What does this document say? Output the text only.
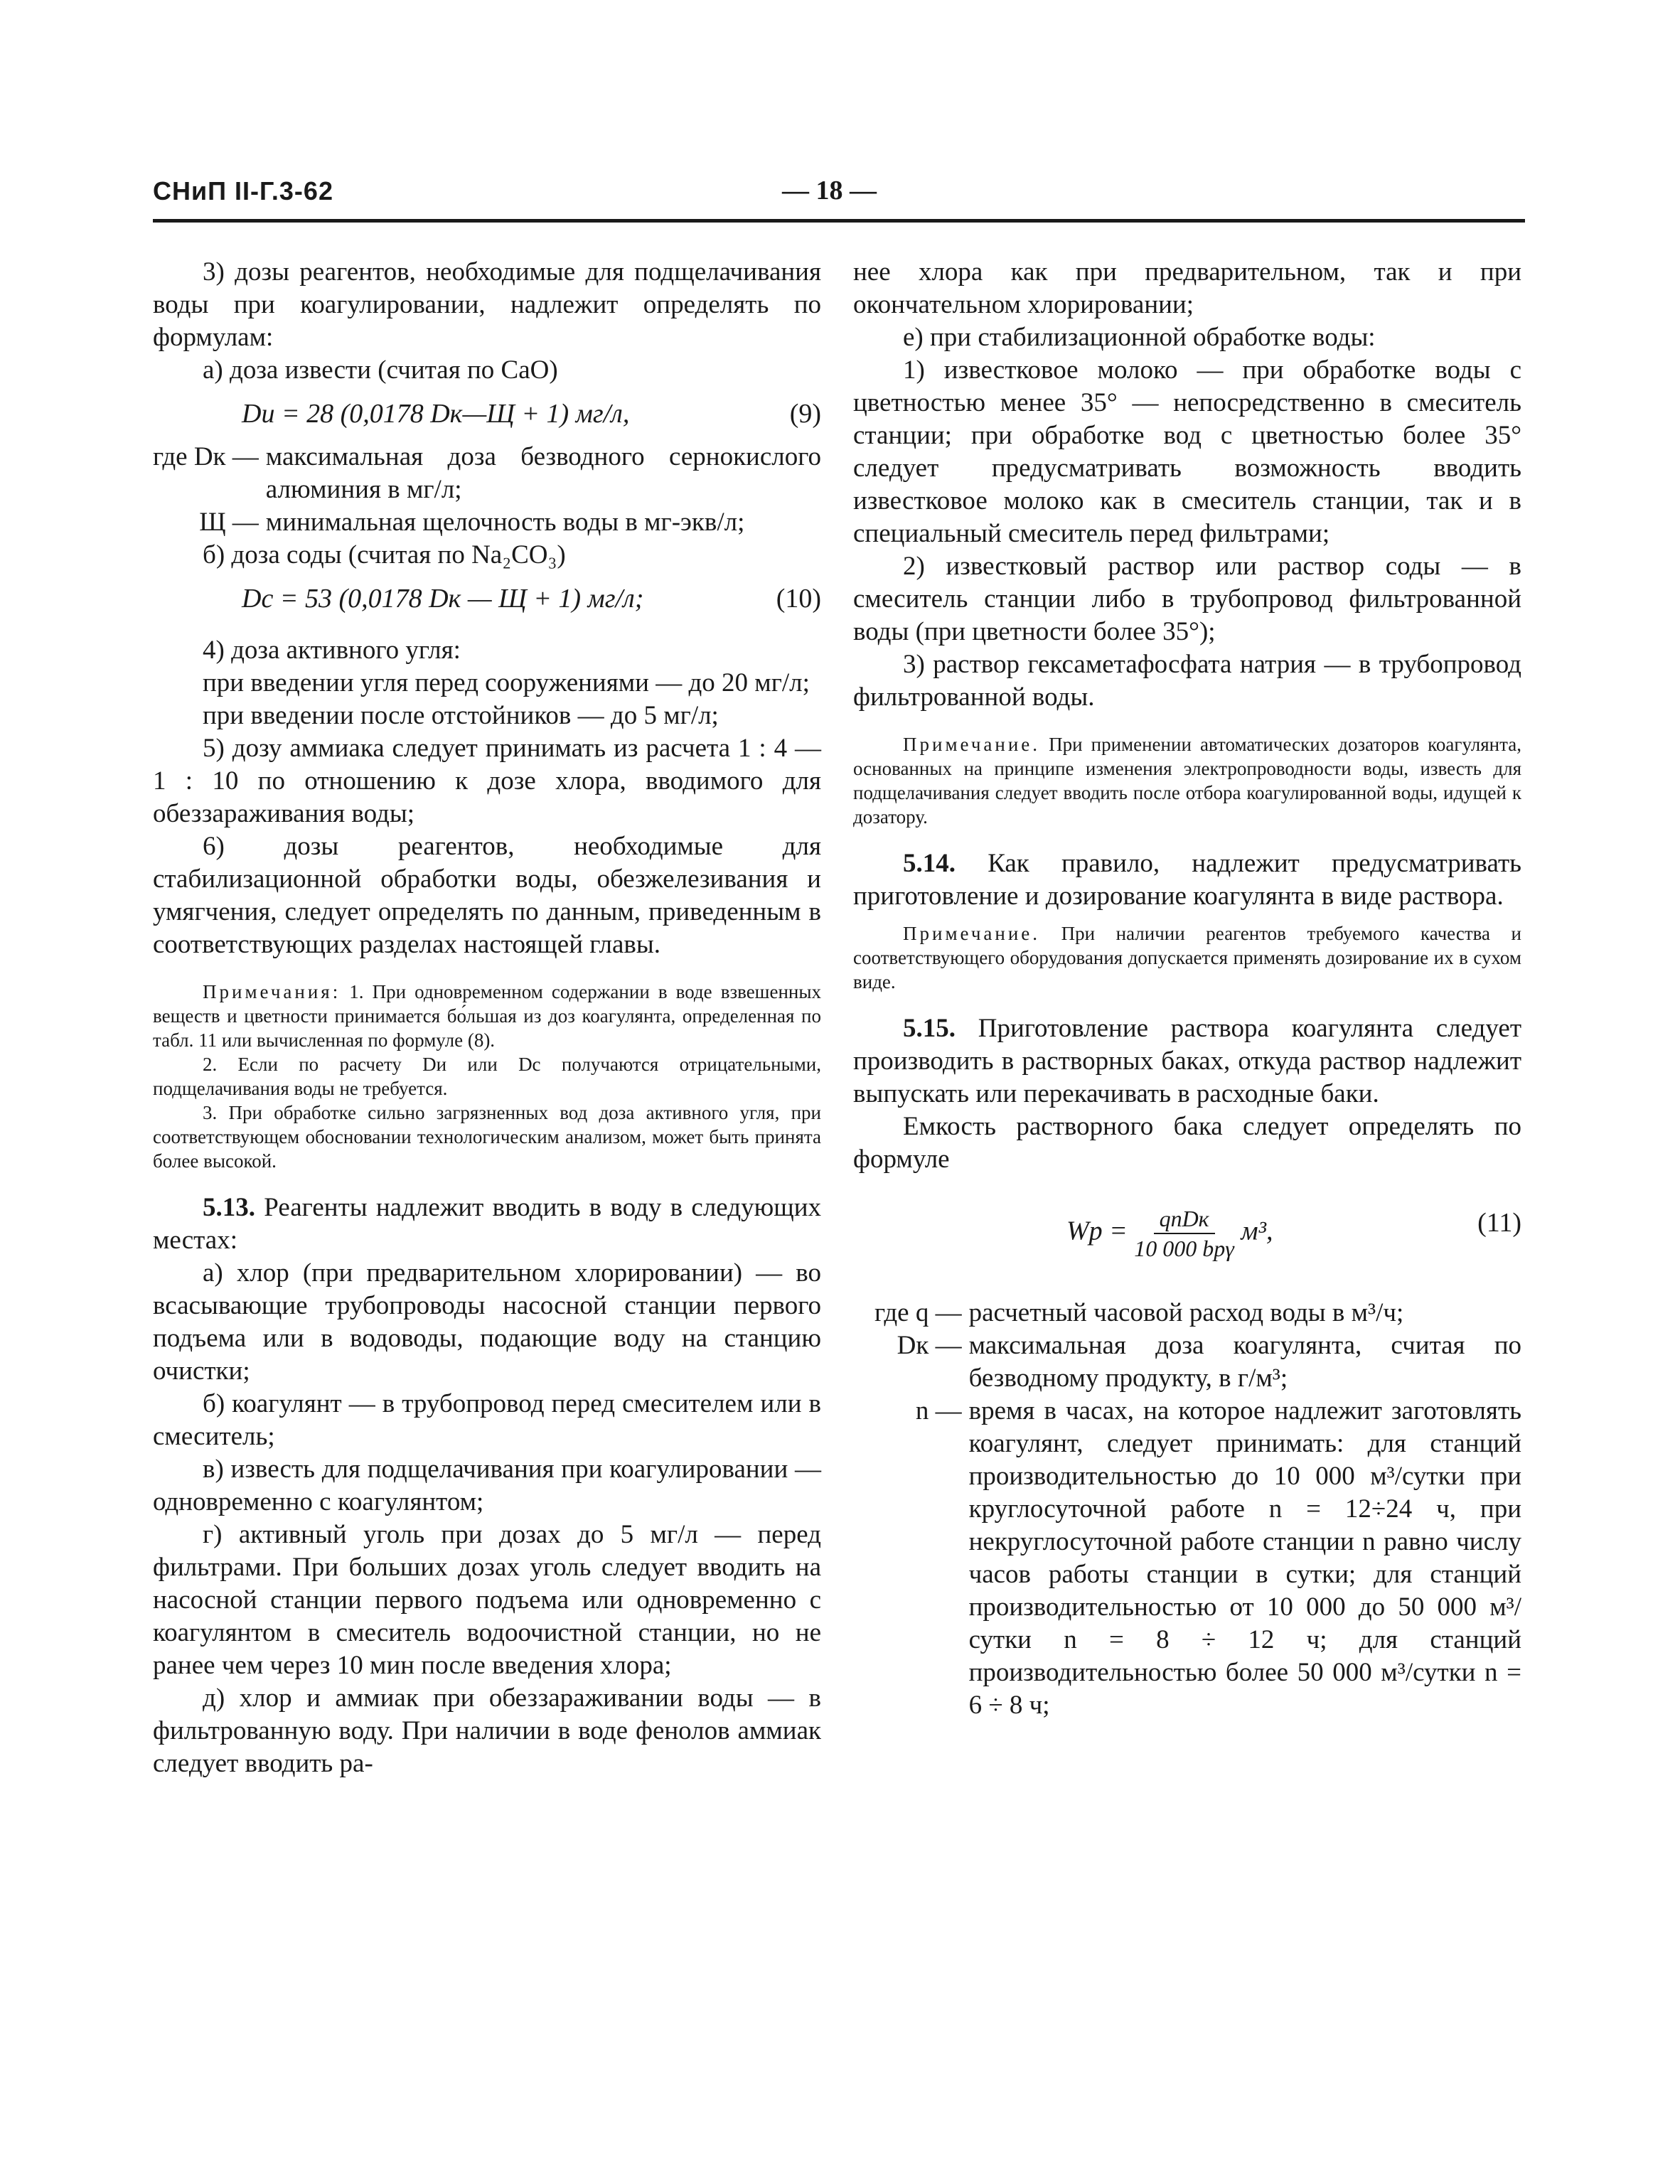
СНиП II-Г.3-62	— 18 —

3) дозы реагентов, необходимые для подщелачивания воды при коагулировании, надлежит определять по формулам:

а) доза извести (считая по СаО)

Dи = 28 (0,0178 Dк—Щ + 1) мг/л,	(9)
где Dк — максимальная доза безводного сернокислого алюминия в мг/л;
Щ — минимальная щелочность воды в мг-экв/л;

б) доза соды (считая по Na₂CO₃)

Dс = 53 (0,0178 Dк — Щ + 1) мг/л;	(10)

4) доза активного угля:

при введении угля перед сооружениями — до 20 мг/л;

при введении после отстойников — до 5 мг/л;

5) дозу аммиака следует принимать из расчета 1 : 4 — 1 : 10 по отношению к дозе хлора, вводимого для обеззараживания воды;

6) дозы реагентов, необходимые для стабилизационной обработки воды, обезжелезивания и умягчения, следует определять по данным, приведенным в соответствующих разделах настоящей главы.

Примечания: 1. При одновременном содержании в воде взвешенных веществ и цветности принимается бо́льшая из доз коагулянта, определенная по табл. 11 или вычисленная по формуле (8).

2. Если по расчету Dи или Dс получаются отрицательными, подщелачивания воды не требуется.

3. При обработке сильно загрязненных вод доза активного угля, при соответствующем обосновании технологическим анализом, может быть принята более высокой.

5.13. Реагенты надлежит вводить в воду в следующих местах:

а) хлор (при предварительном хлорировании) — во всасывающие трубопроводы насосной станции первого подъема или в водоводы, подающие воду на станцию очистки;

б) коагулянт — в трубопровод перед смесителем или в смеситель;

в) известь для подщелачивания при коагулировании — одновременно с коагулянтом;

г) активный уголь при дозах до 5 мг/л — перед фильтрами. При больших дозах уголь следует вводить на насосной станции первого подъема или одновременно с коагулянтом в смеситель водоочистной станции, но не ранее чем через 10 мин после введения хлора;

д) хлор и аммиак при обеззараживании воды — в фильтрованную воду. При наличии в воде фенолов аммиак следует вводить ра-

нее хлора как при предварительном, так и при окончательном хлорировании;

е) при стабилизационной обработке воды:

1) известковое молоко — при обработке воды с цветностью менее 35° — непосредственно в смеситель станции; при обработке вод с цветностью более 35° следует предусматривать возможность вводить известковое молоко как в смеситель станции, так и в специальный смеситель перед фильтрами;

2) известковый раствор или раствор соды — в смеситель станции либо в трубопровод фильтрованной воды (при цветности более 35°);

3) раствор гексаметафосфата натрия — в трубопровод фильтрованной воды.

Примечание. При применении автоматических дозаторов коагулянта, основанных на принципе изменения электропроводности воды, известь для подщелачивания следует вводить после отбора коагулированной воды, идущей к дозатору.

5.14. Как правило, надлежит предусматривать приготовление и дозирование коагулянта в виде раствора.

Примечание. При наличии реагентов требуемого качества и соответствующего оборудования допускается применять дозирование их в сухом виде.

5.15. Приготовление раствора коагулянта следует производить в растворных баках, откуда раствор надлежит выпускать или перекачивать в расходные баки.

Емкость растворного бака следует определять по формуле

Wр = $\frac{\text{qnDк}}{\text{10 000 bрγ}} м^3$,	(11)
где q — расчетный часовой расход воды в м³/ч;
Dк — максимальная доза коагулянта, считая по безводному продукту, в г/м³;
n — время в часах, на которое надлежит заготовлять коагулянт, следует принимать: для станций производительностью до 10 000 м³/сутки при круглосуточной работе n = 12÷24 ч, при некруглосуточной работе станции n равно числу часов работы станции в сутки; для станций производительностью от 10 000 до 50 000 м³/сутки n = 8 ÷ 12 ч; для станций производительностью более 50 000 м³/сутки n = 6 ÷ 8 ч;
